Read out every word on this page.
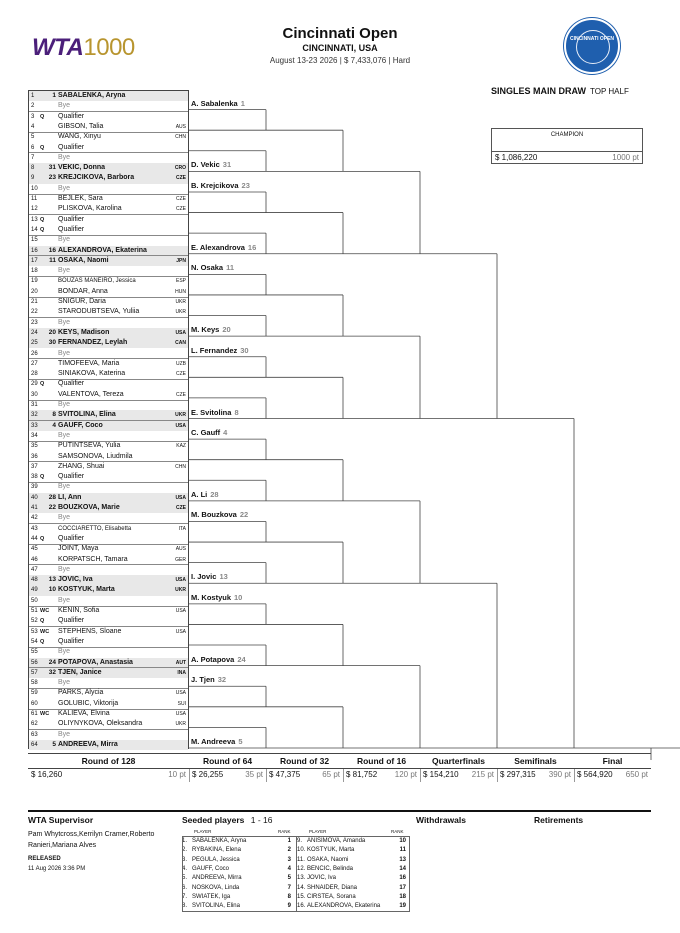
WTA1000
Cincinnati Open
CINCINNATI, USA
August 13-23 2026 | $ 7,433,076 | Hard
CINCINNATI OPEN
SINGLES MAIN DRAW TOP HALF
CHAMPION
$ 1,086,220	1000 pt
1	1 SABALENKA, Aryna
2	Bye
3	Q	Qualifier
4	GIBSON, Talia	AUS
5	WANG, Xinyu	CHN
6	Q	Qualifier
7	Bye
8	31 VEKIC, Donna	CRO
9	23 KREJCIKOVA, Barbora	CZE
10	Bye
11	BEJLEK, Sara	CZE
12	PLISKOVA, Karolina	CZE
13 Q	Qualifier
14 Q	Qualifier
15	Bye
16	16 ALEXANDROVA, Ekaterina
17	11 OSAKA, Naomi	JPN
18	Bye
19	BOUZAS MANEIRO, Jessica	ESP
20	BONDAR, Anna	HUN
21	SNIGUR, Daria	UKR
22	STARODUBTSEVA, Yuliia	UKR
23	Bye
24	20 KEYS, Madison	USA
25	30 FERNANDEZ, Leylah	CAN
26	Bye
27	TIMOFEEVA, Maria	UZB
28	SINIAKOVA, Katerina	CZE
29 Q	Qualifier
30	VALENTOVA, Tereza	CZE
31	Bye
32	8 SVITOLINA, Elina	UKR
33	4 GAUFF, Coco	USA
34	Bye
35	PUTINTSEVA, Yulia	KAZ
36	SAMSONOVA, Liudmila
37	ZHANG, Shuai	CHN
38 Q	Qualifier
39	Bye
40	28 LI, Ann	USA
41	22 BOUZKOVA, Marie	CZE
42	Bye
43	COCCIARETTO, Elisabetta	ITA
44 Q	Qualifier
45	JOINT, Maya	AUS
46	KORPATSCH, Tamara	GER
47	Bye
48	13 JOVIC, Iva	USA
49	10 KOSTYUK, Marta	UKR
50	Bye
51 WC	KENIN, Sofia	USA
52 Q	Qualifier
53 WC	STEPHENS, Sloane	USA
54 Q	Qualifier
55	Bye
56	24 POTAPOVA, Anastasia	AUT
57	32 TJEN, Janice	INA
58	Bye
59	PARKS, Alycia	USA
60	GOLUBIC, Viktorija	SUI
61 WC	KALIEVA, Elvina	USA
62	OLIYNYKOVA, Oleksandra	UKR
63	Bye
64	5 ANDREEVA, Mirra
A. Sabalenka 1
D. Vekic 31
B. Krejcikova 23
E. Alexandrova 16
N. Osaka 11
M. Keys 20
L. Fernandez 30
E. Svitolina 8
C. Gauff 4
A. Li 28
M. Bouzkova 22
I. Jovic 13
M. Kostyuk 10
A. Potapova 24
J. Tjen 32
M. Andreeva 5
Round of 128
$ 16,260	10 pt
Round of 64
$ 26,255	35 pt
Round of 32
$ 47,375	65 pt
Round of 16
$ 81,752 120 pt
Quarterfinals
$ 154,210 215 pt
Semifinals
$ 297,315 390 pt
Final
$ 564,920 650 pt
WTA Supervisor
Pam Whytcross,Kerrilyn Cramer,Roberto Ranieri,Mariana Alves
RELEASED
11 Aug 2026 3:36 PM
Seeded players 1 - 16	Withdrawals	Retirements
PLAYER	RANK	PLAYER	RANK
1. SABALENKA, Aryna	1
2. RYBAKINA, Elena	2
3. PEGULA, Jessica	3
4. GAUFF, Coco	4
5. ANDREEVA, Mirra	5
6. NOSKOVA, Linda	7
7. SWIATEK, Iga	8
8. SVITOLINA, Elina	9
9. ANISIMOVA, Amanda	10
10. KOSTYUK, Marta	11
11. OSAKA, Naomi	13
12. BENCIC, Belinda	14
13. JOVIC, Iva	16
14. SHNAIDER, Diana	17
15. CIRSTEA, Sorana	18
16. ALEXANDROVA, Ekaterina	19
